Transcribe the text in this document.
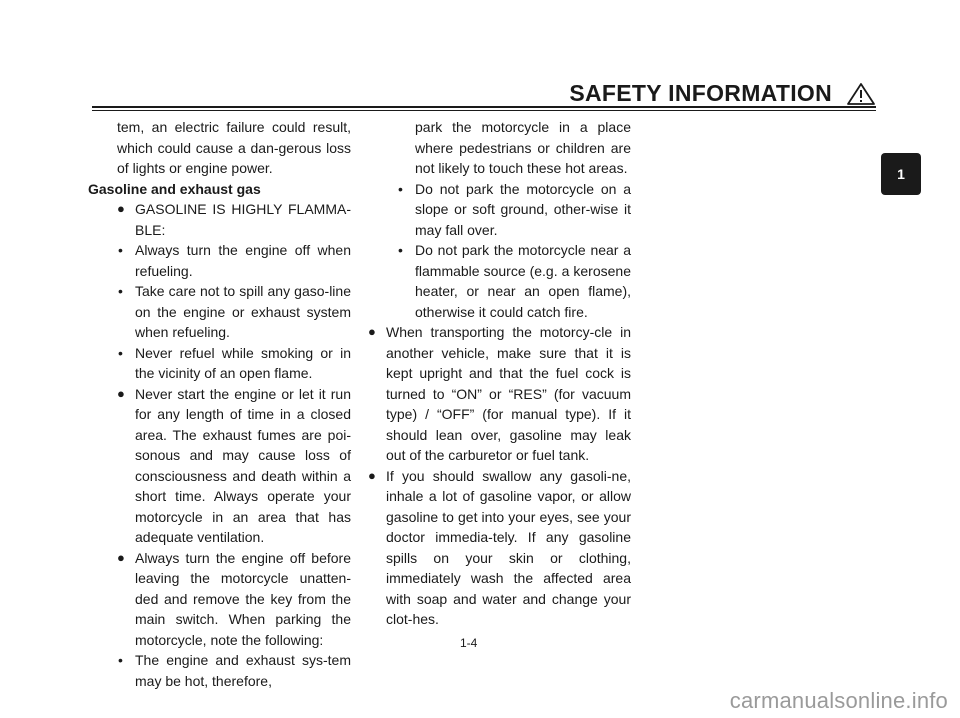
SAFETY INFORMATION
1
tem, an electric failure could result, which could cause a dan-gerous loss of lights or engine power.
Gasoline and exhaust gas
● GASOLINE IS HIGHLY FLAMMA-BLE:
• Always turn the engine off when refueling.
• Take care not to spill any gaso-line on the engine or exhaust system when refueling.
• Never refuel while smoking or in the vicinity of an open flame.
● Never start the engine or let it run for any length of time in a closed area. The exhaust fumes are poi-sonous and may cause loss of consciousness and death within a short time. Always operate your motorcycle in an area that has adequate ventilation.
● Always turn the engine off before leaving the motorcycle unatten-ded and remove the key from the main switch. When parking the motorcycle, note the following:
• The engine and exhaust sys-tem may be hot, therefore,
park the motorcycle in a place where pedestrians or children are not likely to touch these hot areas.
• Do not park the motorcycle on a slope or soft ground, other-wise it may fall over.
• Do not park the motorcycle near a flammable source (e.g. a kerosene heater, or near an open flame), otherwise it could catch fire.
● When transporting the motorcy-cle in another vehicle, make sure that it is kept upright and that the fuel cock is turned to “ON” or “RES” (for vacuum type) / “OFF” (for manual type). If it should lean over, gasoline may leak out of the carburetor or fuel tank.
● If you should swallow any gasoli-ne, inhale a lot of gasoline vapor, or allow gasoline to get into your eyes, see your doctor immedia-tely. If any gasoline spills on your skin or clothing, immediately wash the affected area with soap and water and change your clot-hes.
1-4
carmanualsonline.info
